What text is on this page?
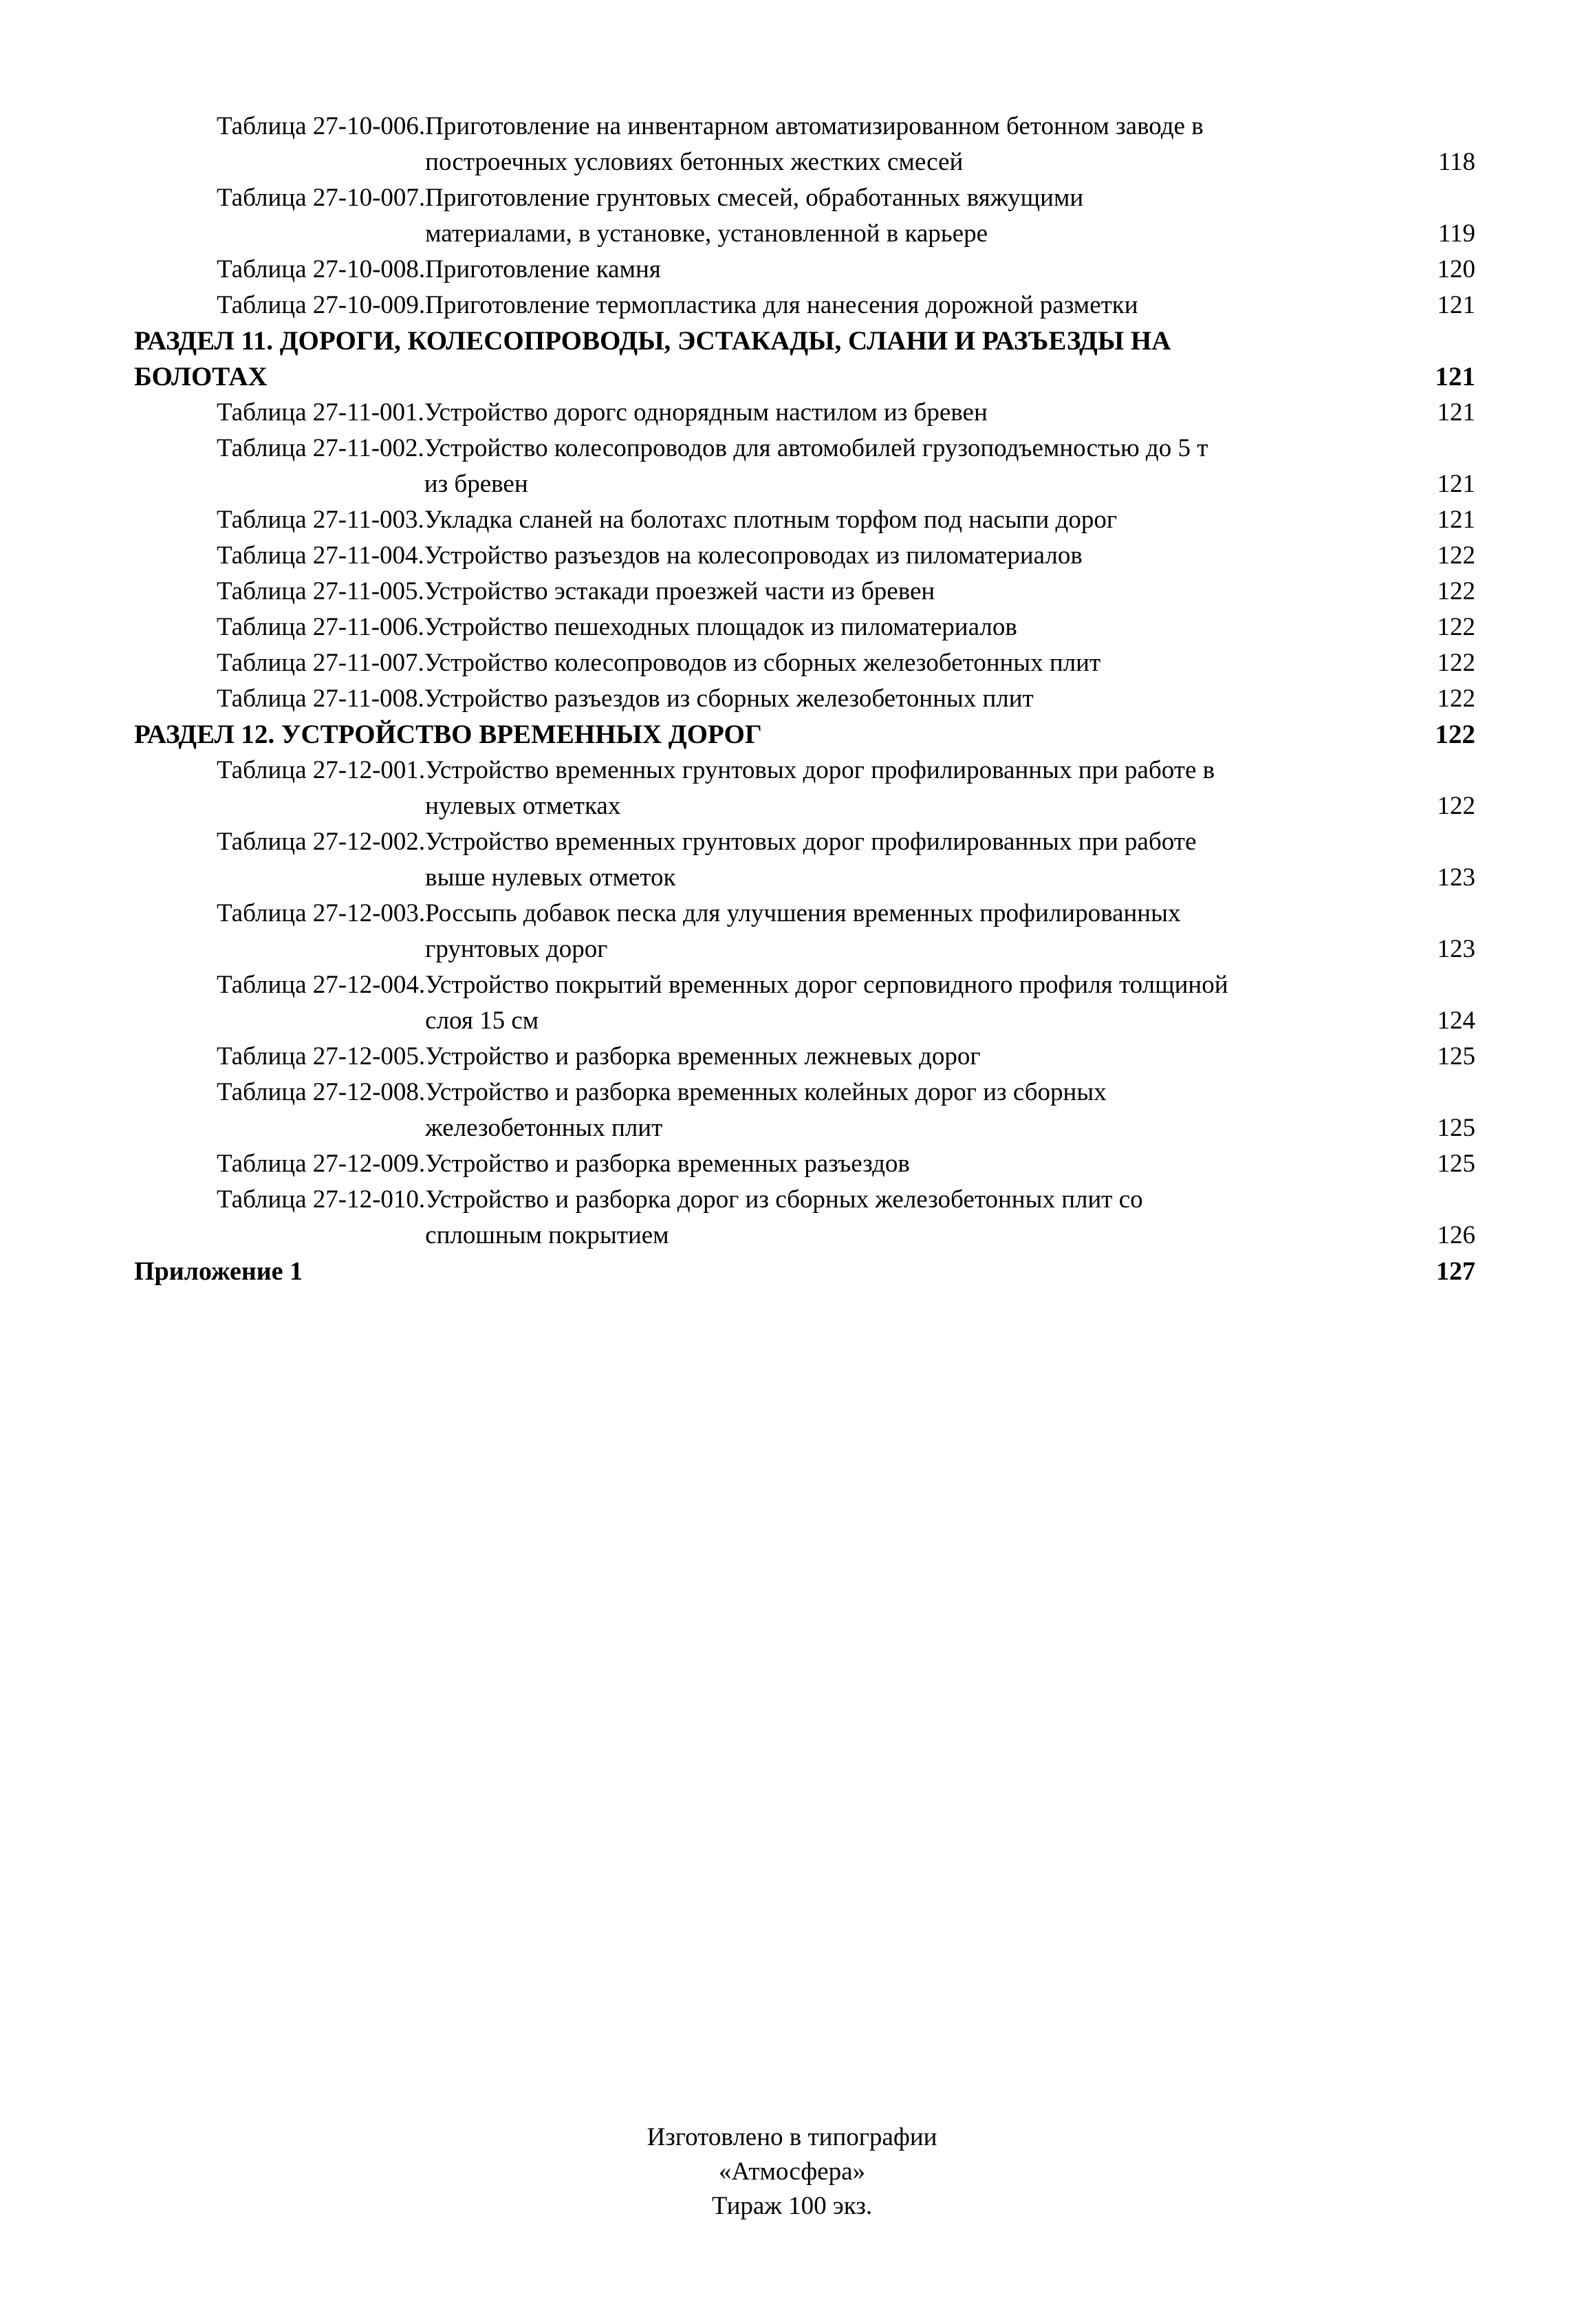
Таблица 27-10-006. Приготовление на инвентарном автоматизированном бетонном заводе в
построечных условиях бетонных жестких смесей	118
Таблица 27-10-007. Приготовление грунтовых смесей, обработанных вяжущими
материалами, в установке, установленной в карьере	119
Таблица 27-10-008. Приготовление камня	120
Таблица 27-10-009. Приготовление термопластика для нанесения дорожной разметки	121
РАЗДЕЛ 11. ДОРОГИ, КОЛЕСОПРОВОДЫ, ЭСТАКАДЫ, СЛАНИ И РАЗЪЕЗДЫ НА
БОЛОТАХ	121
Таблица 27-11-001. Устройство дорогс однорядным настилом из бревен	121
Таблица 27-11-002. Устройство колесопроводов для автомобилей грузоподъемностью до 5 т
из бревен	121
Таблица 27-11-003. Укладка сланей на болотахс плотным торфом под насыпи дорог	121
Таблица 27-11-004. Устройство разъездов на колесопроводах из пиломатериалов	122
Таблица 27-11-005. Устройство эстакади проезжей части из бревен	122
Таблица 27-11-006. Устройство пешеходных площадок из пиломатериалов	122
Таблица 27-11-007. Устройство колесопроводов из сборных железобетонных плит	122
Таблица 27-11-008. Устройство разъездов из сборных железобетонных плит	122
РАЗДЕЛ 12. УСТРОЙСТВО ВРЕМЕННЫХ ДОРОГ	122
Таблица 27-12-001. Устройство временных грунтовых дорог профилированных при работе в
нулевых отметках	122
Таблица 27-12-002. Устройство временных грунтовых дорог профилированных при работе
выше нулевых отметок	123
Таблица 27-12-003. Россыпь добавок песка для улучшения временных профилированных
грунтовых дорог	123
Таблица 27-12-004. Устройство покрытий временных дорог серповидного профиля толщиной
слоя 15 см	124
Таблица 27-12-005. Устройство и разборка временных лежневых дорог	125
Таблица 27-12-008. Устройство и разборка временных колейных дорог из сборных
железобетонных плит	125
Таблица 27-12-009. Устройство и разборка временных разъездов	125
Таблица 27-12-010. Устройство и разборка дорог из сборных железобетонных плит со
сплошным покрытием	126
Приложение 1	127
Изготовлено в типографии
«Атмосфера»
Тираж 100 экз.
